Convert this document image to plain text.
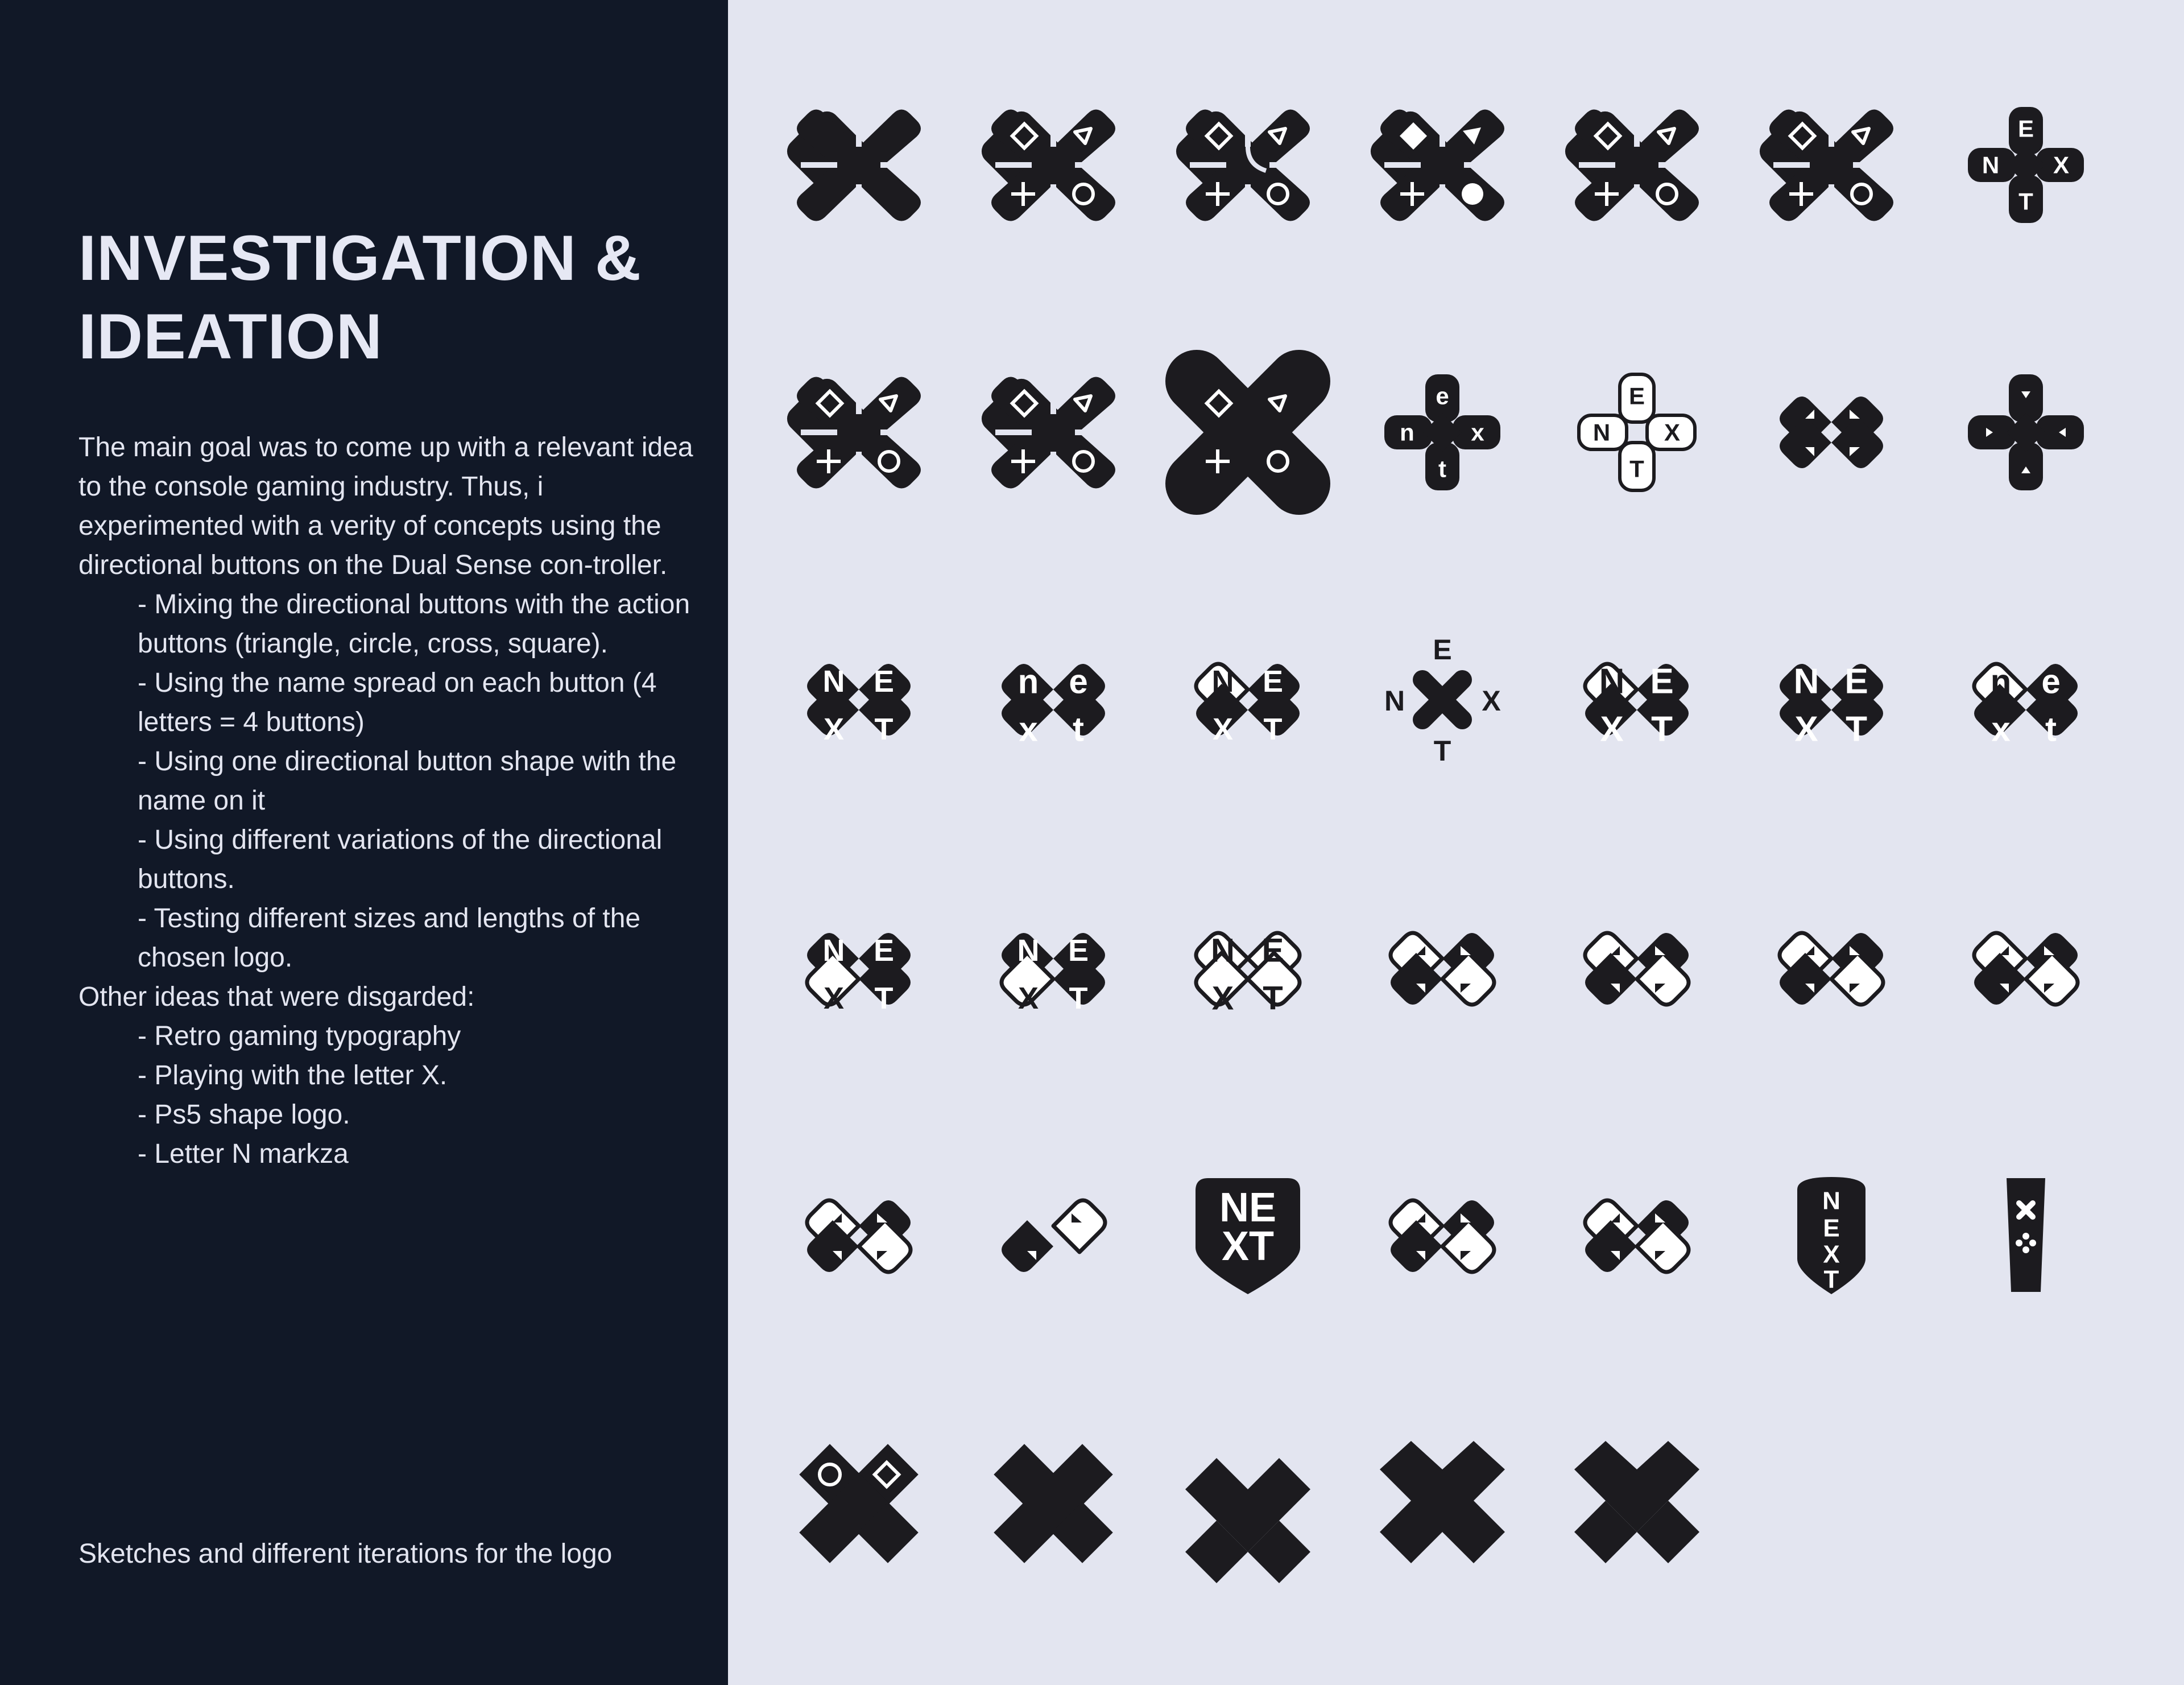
INVESTIGATION &
IDEATION

The main goal was to come up with a relevant idea to the console gaming industry. Thus, i experimented with a verity of concepts using the directional buttons on the Dual Sense con-troller.

- Mixing the directional buttons with the action buttons (triangle, circle, cross, square).

- Using the name spread on each button (4 letters = 4 buttons)

- Using one directional button shape with the name on it

- Using different variations of the directional buttons.

- Testing different sizes and lengths of the chosen logo.

Other ideas that were disgarded:

- Retro gaming typography

- Playing with the letter X.

- Ps5 shape logo.

- Letter N markza

Sketches and different iterations for the logo
E
N X
T
e
n x
t
E
N X
T
N E
X T
n e
x t
N E
X T
E
N	X
T
N E
X T
N E
X T
n e
x t
N E
X T
N E
X T
N E
X T
NE
XT
N
E
X
T
